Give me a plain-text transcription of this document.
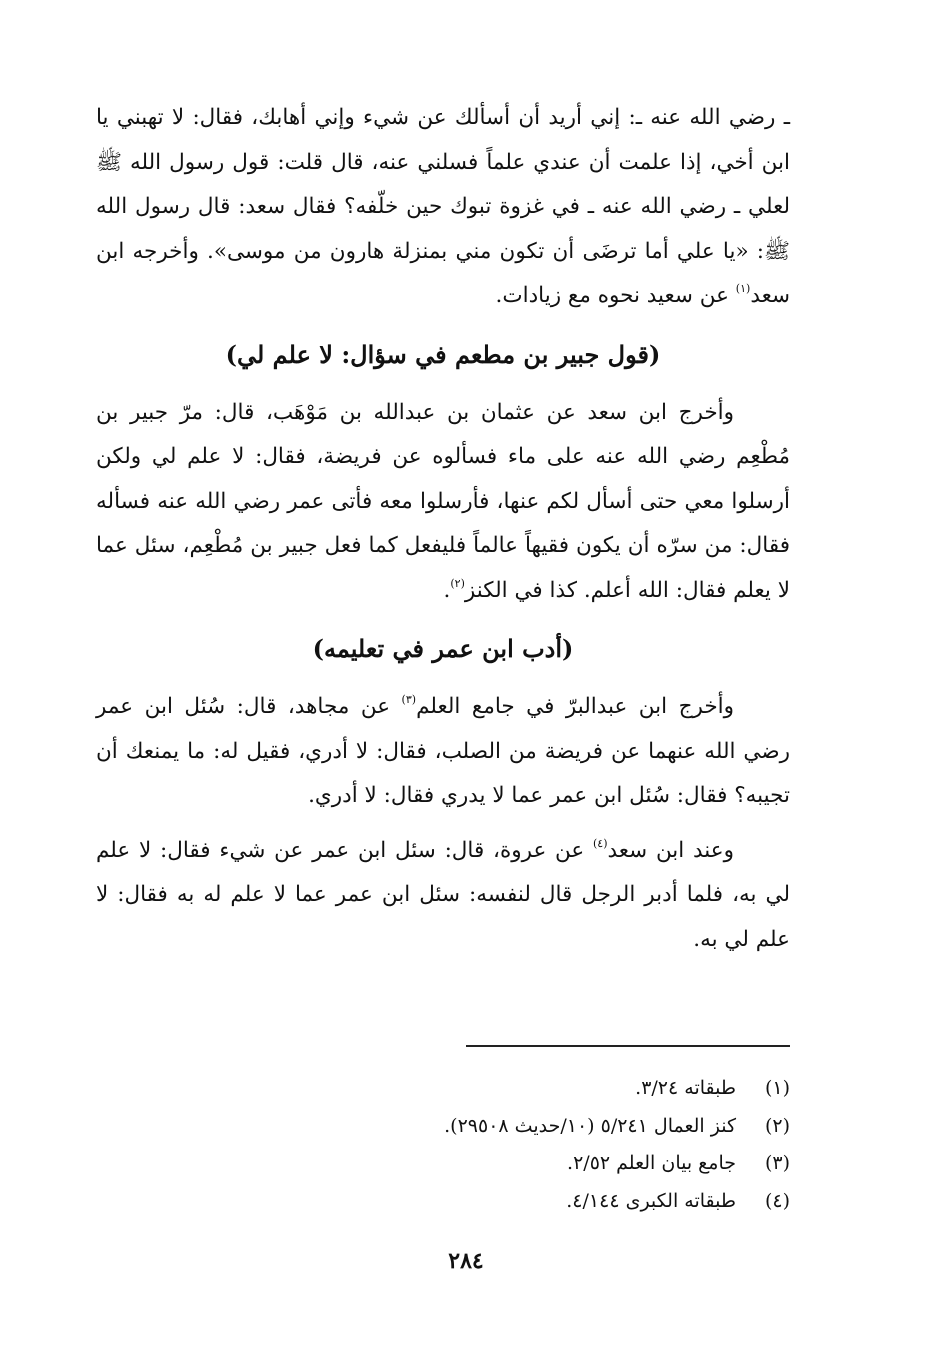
ـ رضي الله عنه ـ: إني أريد أن أسألك عن شيء وإني أهابك، فقال: لا تهبني يا ابن أخي، إذا علمت أن عندي علماً فسلني عنه، قال قلت: قول رسول الله ﷺ لعلي ـ رضي الله عنه ـ في غزوة تبوك حين خلّفه؟ فقال سعد: قال رسول الله ﷺ: «يا علي أما ترضَى أن تكون مني بمنزلة هارون من موسى». وأخرجه ابن سعد$^{(١)}$ عن سعيد نحوه مع زيادات.

(قول جبير بن مطعم في سؤال: لا علم لي)

وأخرج ابن سعد عن عثمان بن عبدالله بن مَوْهَب، قال: مرّ جبير بن مُطْعِم رضي الله عنه على ماء فسألوه عن فريضة، فقال: لا علم لي ولكن أرسلوا معي حتى أسأل لكم عنها، فأرسلوا معه فأتى عمر رضي الله عنه فسأله فقال: من سرّه أن يكون فقيهاً عالماً فليفعل كما فعل جبير بن مُطْعِم، سئل عما لا يعلم فقال: الله أعلم. كذا في الكنز$^{(٢)}$.

(أدب ابن عمر في تعليمه)

وأخرج ابن عبدالبرّ في جامع العلم$^{(٣)}$ عن مجاهد، قال: سُئل ابن عمر رضي الله عنهما عن فريضة من الصلب، فقال: لا أدري، فقيل له: ما يمنعك أن تجيبه؟ فقال: سُئل ابن عمر عما لا يدري فقال: لا أدري.

وعند ابن سعد$^{(٤)}$ عن عروة، قال: سئل ابن عمر عن شيء فقال: لا علم لي به، فلما أدبر الرجل قال لنفسه: سئل ابن عمر عما لا علم له به فقال: لا علم لي به.

(١)
طبقاته ٣/٢٤.
(٢)
كنز العمال ٥/٢٤١ (١٠/حديث ٢٩٥٠٨).
(٣)
جامع بيان العلم ٢/٥٢.
(٤)
طبقاته الكبرى ٤/١٤٤.
٢٨٤
